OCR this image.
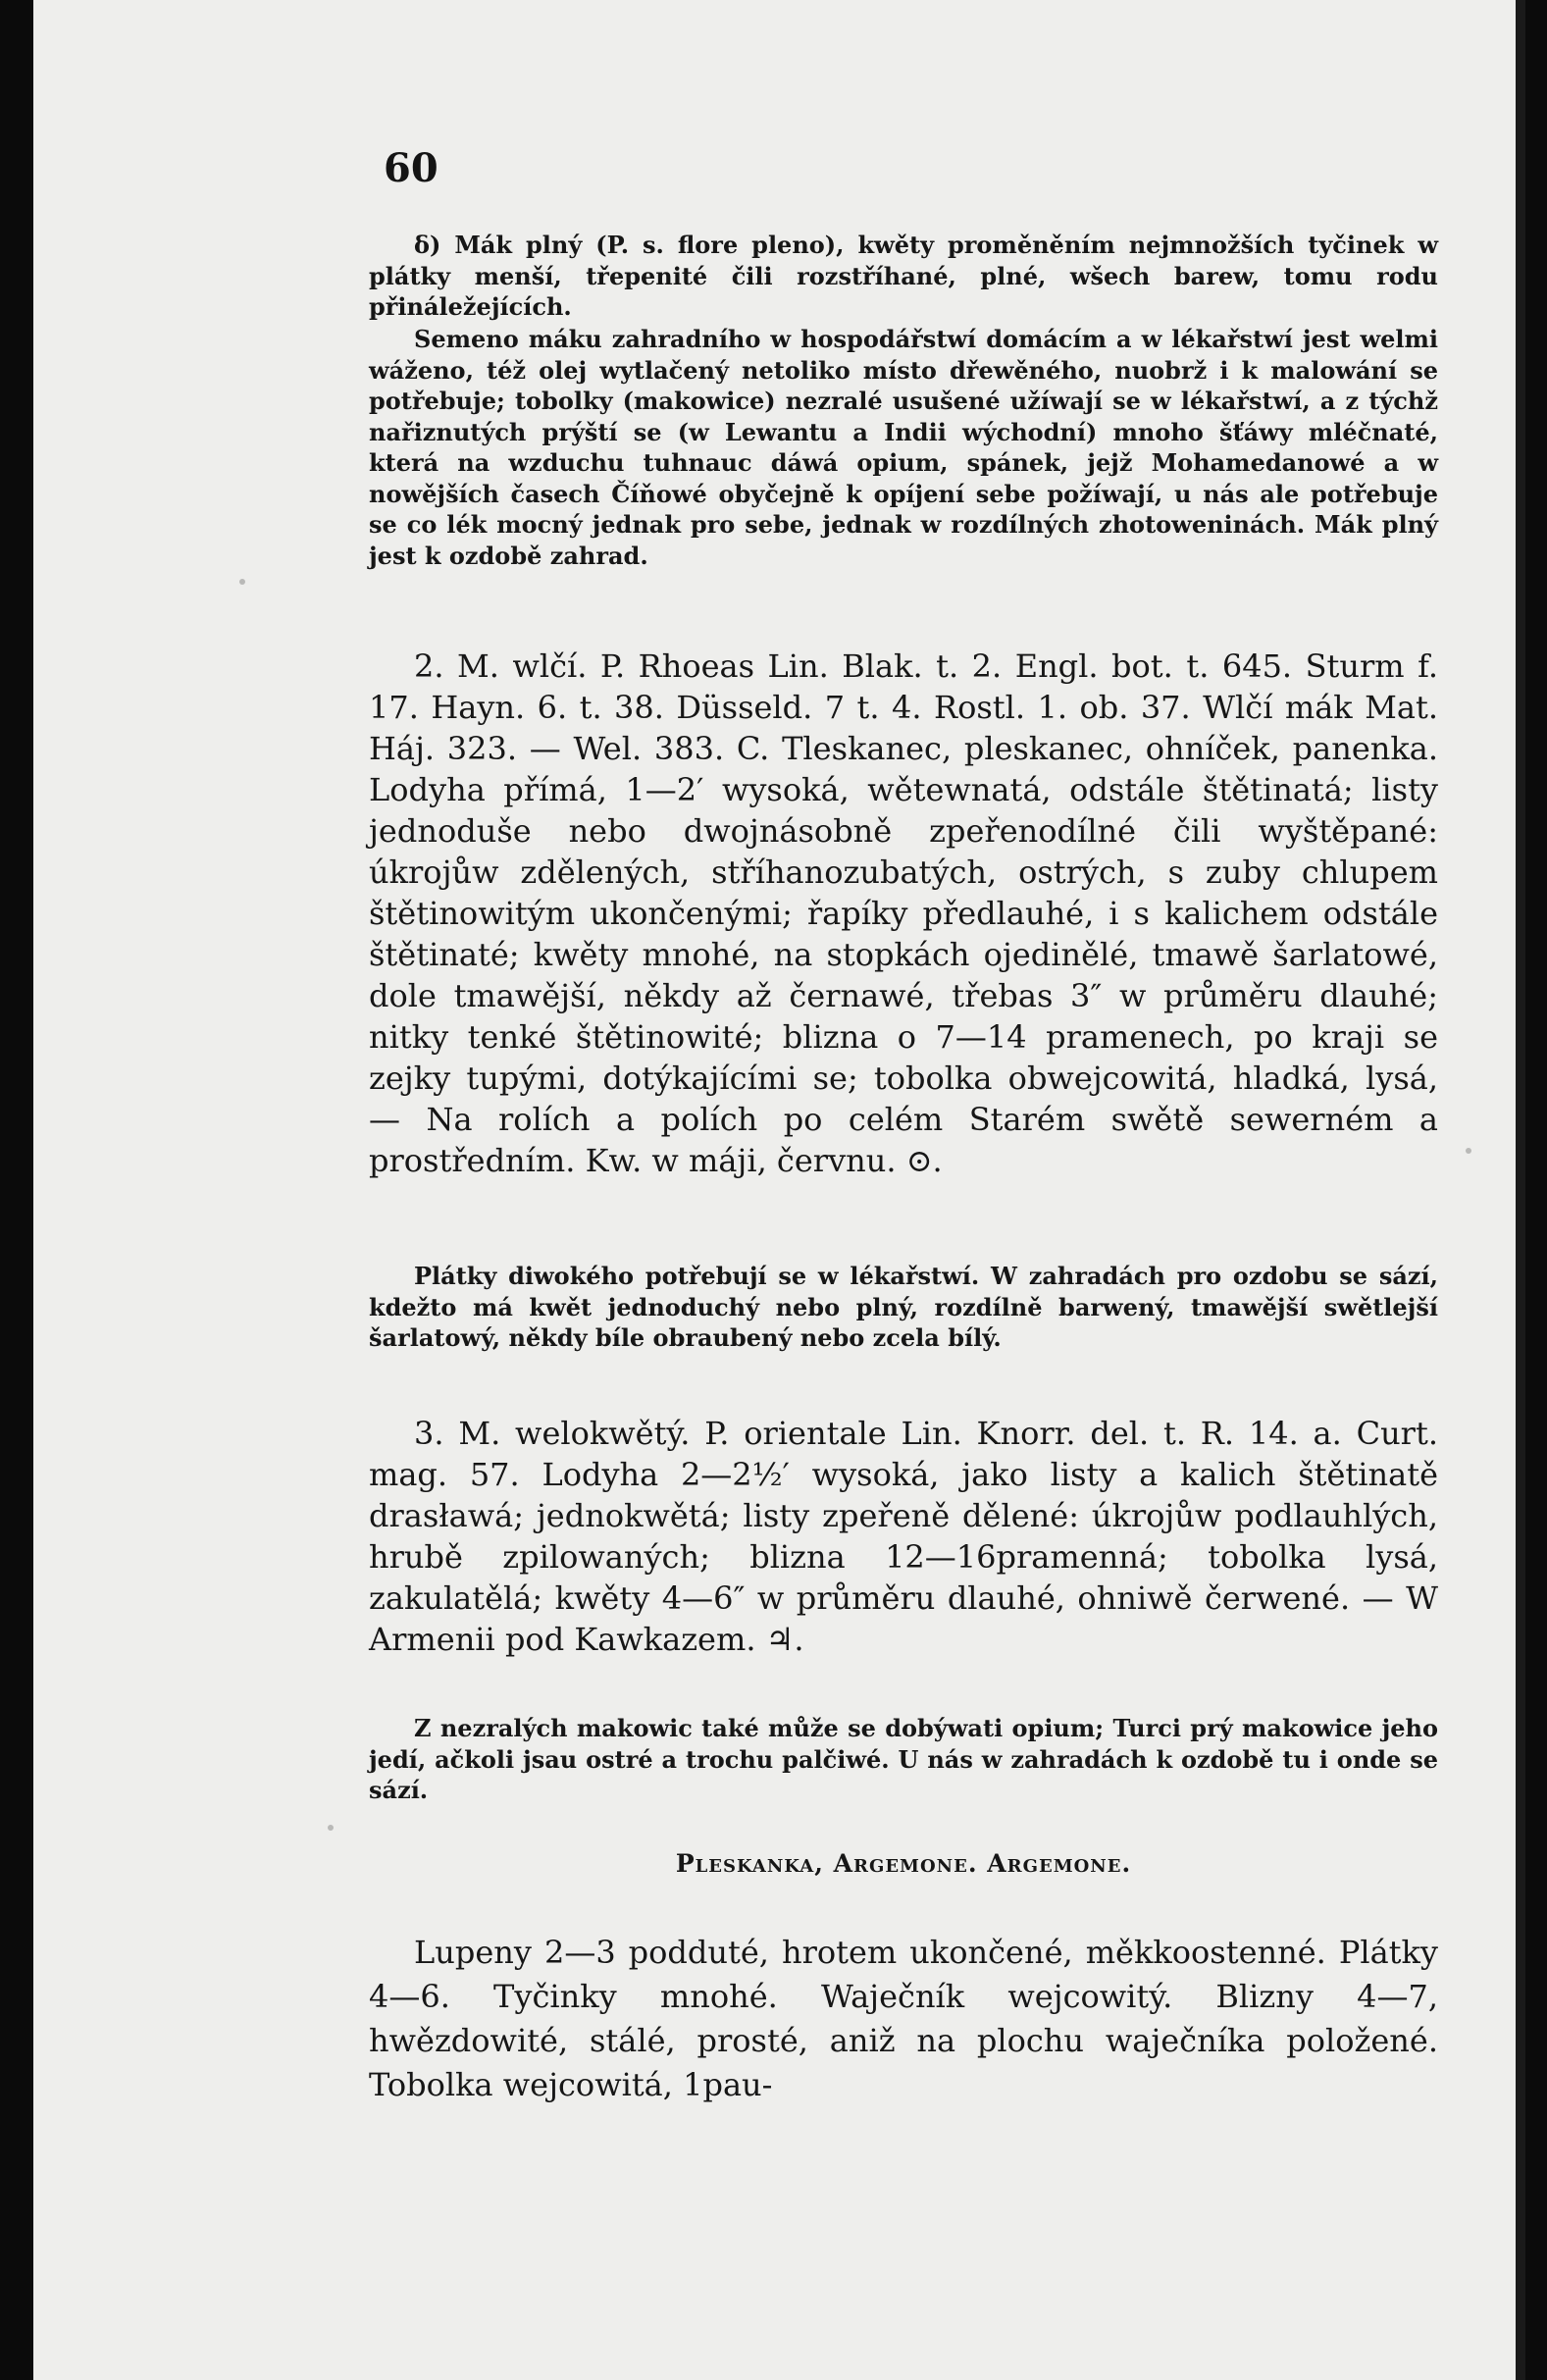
60

δ) Mák plný (P. s. flore pleno), kwěty proměněním nejmnožších tyčinek w plátky menší, třepenité čili rozstříhané, plné, wšech barew, tomu rodu přináležejících.

Semeno máku zahradního w hospodářstwí domácím a w lékařstwí jest welmi wáženo, též olej wytlačený netoliko místo dřewěného, nuobrž i k malowání se potřebuje; tobolky (makowice) nezralé usušené užíwají se w lékařstwí, a z týchž nařiznutých prýští se (w Lewantu a Indii wýchodní) mnoho šťáwy mléčnaté, která na wzduchu tuhnauc dáwá opium, spánek, jejž Mohamedanowé a w nowějších časech Číňowé obyčejně k opíjení sebe požíwají, u nás ale potřebuje se co lék mocný jednak pro sebe, jednak w rozdílných zhotoweninách. Mák plný jest k ozdobě zahrad.

2. M. wlčí. P. Rhoeas Lin. Blak. t. 2. Engl. bot. t. 645. Sturm f. 17. Hayn. 6. t. 38. Düsseld. 7 t. 4. Rostl. 1. ob. 37. Wlčí mák Mat. Háj. 323. — Wel. 383. C. Tleskanec, pleskanec, ohníček, panenka. Lodyha přímá, 1—2′ wysoká, wětewnatá, odstále štětinatá; listy jednoduše nebo dwojnásobně zpeřenodílné čili wyštěpané: úkrojůw zdělených, stříhanozubatých, ostrých, s zuby chlupem štětinowitým ukončenými; řapíky předlauhé, i s kalichem odstále štětinaté; kwěty mnohé, na stopkách ojedinělé, tmawě šarlatowé, dole tmawější, někdy až černawé, třebas 3″ w průměru dlauhé; nitky tenké štětinowité; blizna o 7—14 pramenech, po kraji se zejky tupými, dotýkajícími se; tobolka obwejcowitá, hladká, lysá, — Na rolích a polích po celém Starém swětě sewerném a prostředním. Kw. w máji, červnu. ⊙.

Plátky diwokého potřebují se w lékařstwí. W zahradách pro ozdobu se sází, kdežto má kwět jednoduchý nebo plný, rozdílně barwený, tmawější swětlejší šarlatowý, někdy bíle obraubený nebo zcela bílý.

3. M. welokwětý. P. orientale Lin. Knorr. del. t. R. 14. a. Curt. mag. 57. Lodyha 2—2½′ wysoká, jako listy a kalich štětinatě drasławá; jednokwětá; listy zpeřeně dělené: úkrojůw podlauhlých, hrubě zpilowaných; blizna 12—16pramenná; tobolka lysá, zakulatělá; kwěty 4—6″ w průměru dlauhé, ohniwě čerwené. — W Armenii pod Kawkazem. ♃.

Z nezralých makowic také může se dobýwati opium; Turci prý makowice jeho jedí, ačkoli jsau ostré a trochu palčiwé. U nás w zahradách k ozdobě tu i onde se sází.

Pleskanka, Argemone. Argemone.

Lupeny 2—3 podduté, hrotem ukončené, měkkoostenné. Plátky 4—6. Tyčinky mnohé. Waječník wejcowitý. Blizny 4—7, hwězdowité, stálé, prosté, aniž na plochu waječníka položené. Tobolka wejcowitá, 1pau-
